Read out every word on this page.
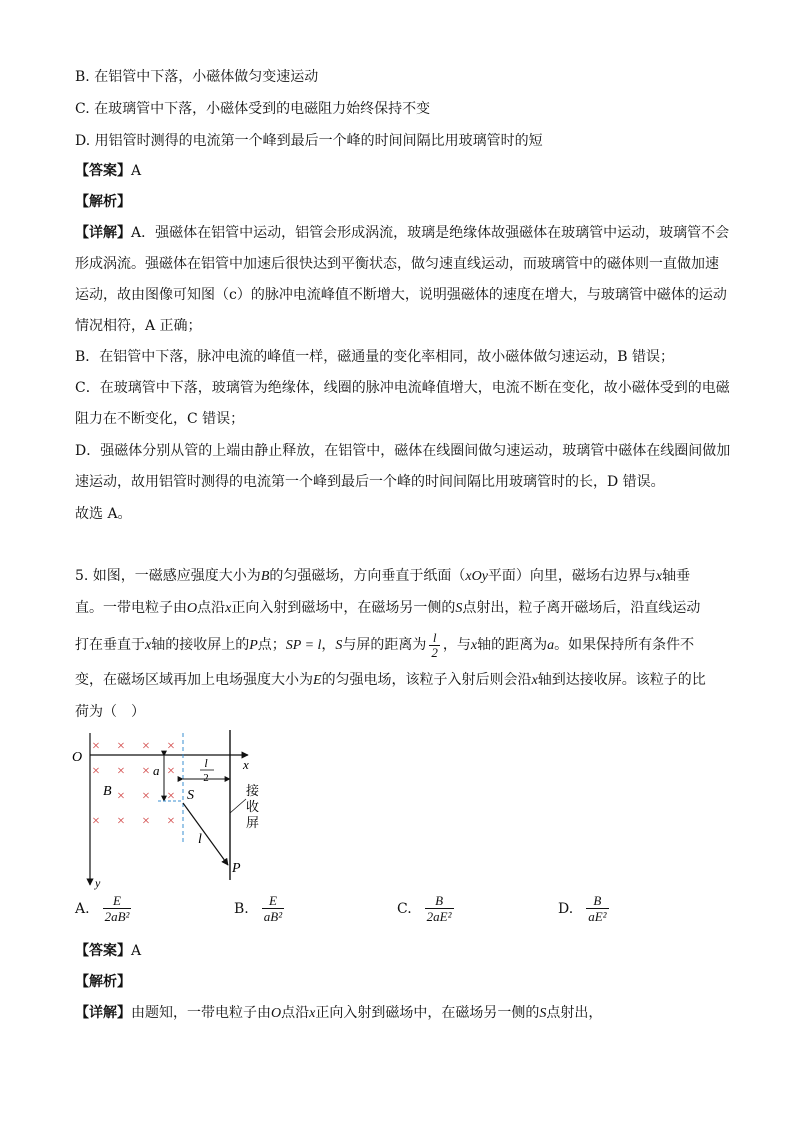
B. 在铝管中下落，小磁体做匀变速运动
C. 在玻璃管中下落，小磁体受到的电磁阻力始终保持不变
D. 用铝管时测得的电流第一个峰到最后一个峰的时间间隔比用玻璃管时的短
【答案】A
【解析】
【详解】A．强磁体在铝管中运动，铝管会形成涡流，玻璃是绝缘体故强磁体在玻璃管中运动，玻璃管不会
形成涡流。强磁体在铝管中加速后很快达到平衡状态，做匀速直线运动，而玻璃管中的磁体则一直做加速
运动，故由图像可知图（c）的脉冲电流峰值不断增大，说明强磁体的速度在增大，与玻璃管中磁体的运动
情况相符，A 正确；
B．在铝管中下落，脉冲电流的峰值一样，磁通量的变化率相同，故小磁体做匀速运动，B 错误；
C．在玻璃管中下落，玻璃管为绝缘体，线圈的脉冲电流峰值增大，电流不断在变化，故小磁体受到的电磁
阻力在不断变化，C 错误；
D．强磁体分别从管的上端由静止释放，在铝管中，磁体在线圈间做匀速运动，玻璃管中磁体在线圈间做加
速运动，故用铝管时测得的电流第一个峰到最后一个峰的时间间隔比用玻璃管时的长，D 错误。
故选 A。
5. 如图，一磁感应强度大小为B的匀强磁场，方向垂直于纸面（xOy平面）向里，磁场右边界与x轴垂
直。一带电粒子由O点沿x正向入射到磁场中，在磁场另一侧的S点射出，粒子离开磁场后，沿直线运动
打在垂直于x轴的接收屏上的P点；SP = l，S与屏的距离为 $\frac{l}{2}$ ，与x轴的距离为a。如果保持所有条件不
变，在磁场区域再加上电场强度大小为E的匀强电场，该粒子入射后则会沿x轴到达接收屏。该粒子的比
荷为（　）
O	x
y
× × × ×
× × × ×
× × ×
× × × ×
B
a
S
l
2
l
P
接
收
屏
A. $\frac{E}{\text{2aB²}}$	B. $\frac{E}{\text{aB²}}$	C. $\frac{B}{\text{2aE²}}$	D. $\frac{B}{\text{aE²}}$
【答案】A
【解析】
【详解】由题知，一带电粒子由O点沿x正向入射到磁场中，在磁场另一侧的S点射出，
